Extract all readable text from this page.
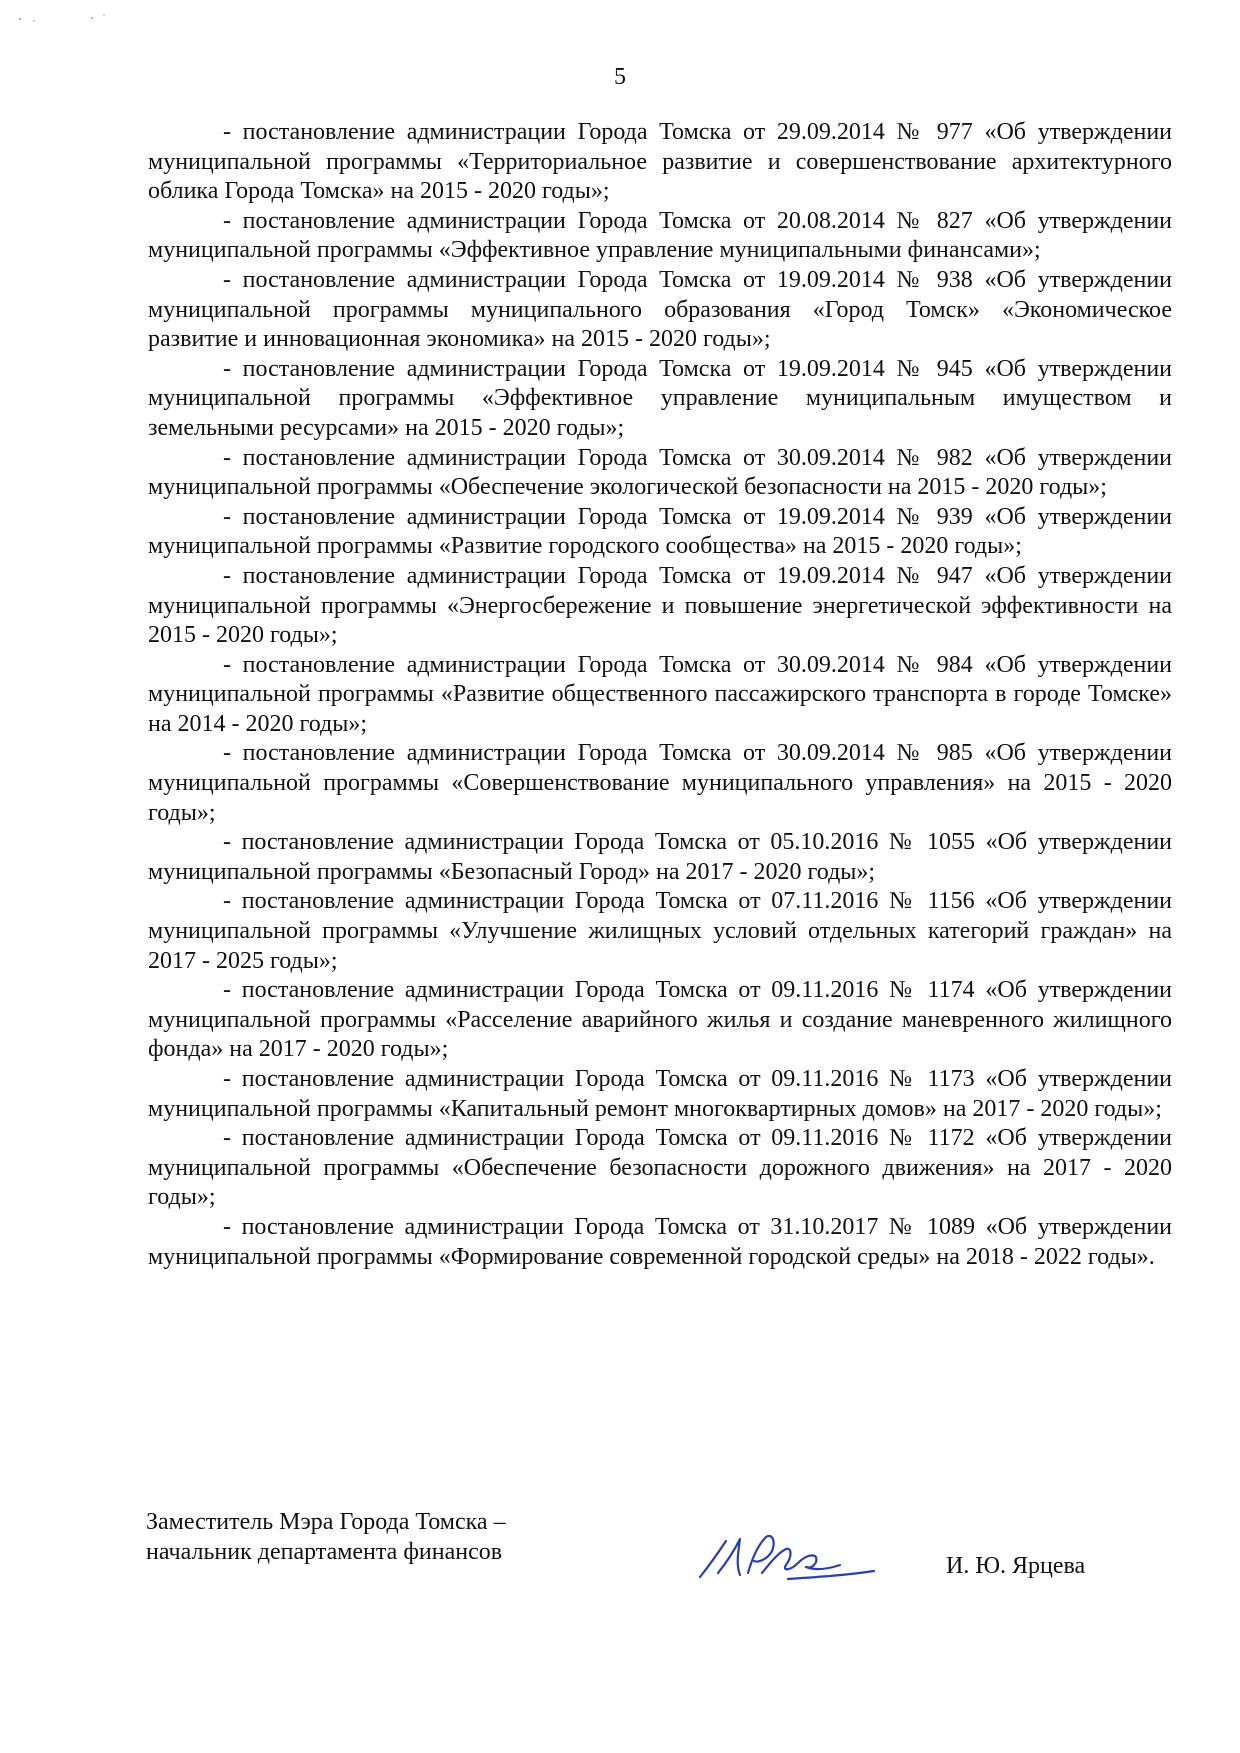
5

- постановление администрации Города Томска от 29.09.2014 № 977 «Об утверждении муниципальной программы «Территориальное развитие и совершенствование архитектурного облика Города Томска» на 2015 - 2020 годы»;

- постановление администрации Города Томска от 20.08.2014 № 827 «Об утверждении муниципальной программы «Эффективное управление муниципальными финансами»;

- постановление администрации Города Томска от 19.09.2014 № 938 «Об утверждении муниципальной программы муниципального образования «Город Томск» «Экономическое развитие и инновационная экономика» на 2015 - 2020 годы»;

- постановление администрации Города Томска от 19.09.2014 № 945 «Об утверждении муниципальной программы «Эффективное управление муниципальным имуществом и земельными ресурсами» на 2015 - 2020 годы»;

- постановление администрации Города Томска от 30.09.2014 № 982 «Об утверждении муниципальной программы «Обеспечение экологической безопасности на 2015 - 2020 годы»;

- постановление администрации Города Томска от 19.09.2014 № 939 «Об утверждении муниципальной программы «Развитие городского сообщества» на 2015 - 2020 годы»;

- постановление администрации Города Томска от 19.09.2014 № 947 «Об утверждении муниципальной программы «Энергосбережение и повышение энергетической эффективности на 2015 - 2020 годы»;

- постановление администрации Города Томска от 30.09.2014 № 984 «Об утверждении муниципальной программы «Развитие общественного пассажирского транспорта в городе Томске» на 2014 - 2020 годы»;

- постановление администрации Города Томска от 30.09.2014 № 985 «Об утверждении муниципальной программы «Совершенствование муниципального управления» на 2015 - 2020 годы»;

- постановление администрации Города Томска от 05.10.2016 № 1055 «Об утверждении муниципальной программы «Безопасный Город» на 2017 - 2020 годы»;

- постановление администрации Города Томска от 07.11.2016 № 1156 «Об утверждении муниципальной программы «Улучшение жилищных условий отдельных категорий граждан» на 2017 - 2025 годы»;

- постановление администрации Города Томска от 09.11.2016 № 1174 «Об утверждении муниципальной программы «Расселение аварийного жилья и создание маневренного жилищного фонда» на 2017 - 2020 годы»;

- постановление администрации Города Томска от 09.11.2016 № 1173 «Об утверждении муниципальной программы «Капитальный ремонт многоквартирных домов» на 2017 - 2020 годы»;

- постановление администрации Города Томска от 09.11.2016 № 1172 «Об утверждении муниципальной программы «Обеспечение безопасности дорожного движения» на 2017 - 2020 годы»;

- постановление администрации Города Томска от 31.10.2017 № 1089 «Об утверждении муниципальной программы «Формирование современной городской среды» на 2018 - 2022 годы».

Заместитель Мэра Города Томска –
начальник департамента финансов
И. Ю. Ярцева
